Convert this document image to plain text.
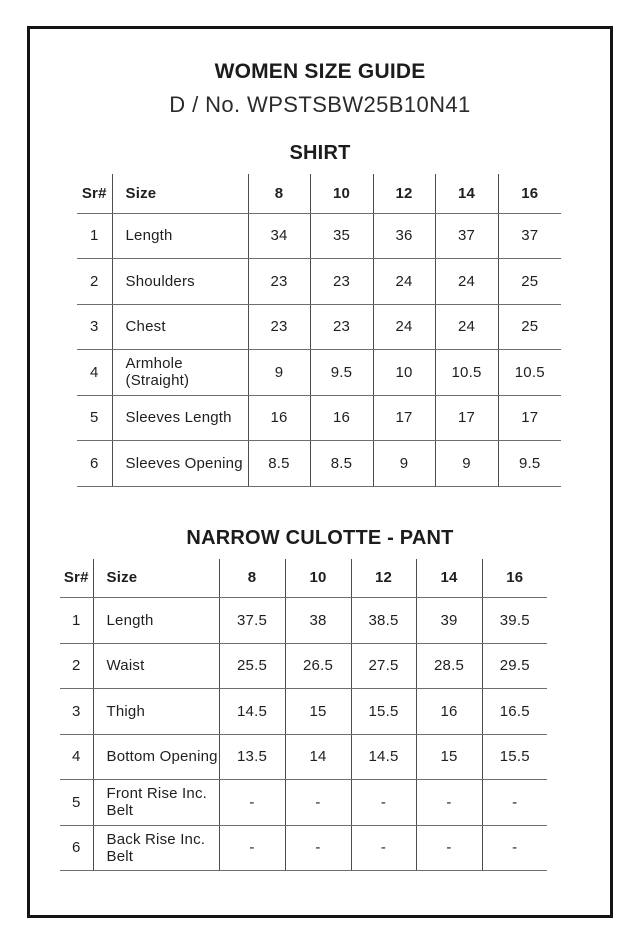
WOMEN SIZE GUIDE
D / No. WPSTSBW25B10N41
SHIRT
Sr#	Size	8	10	12	14	16
1	Length	34	35	36	37	37
2	Shoulders	23	23	24	24	25
3	Chest	23	23	24	24	25
4	Armhole (Straight)	9	9.5	10	10.5	10.5
5	Sleeves Length	16	16	17	17	17
6	Sleeves Opening	8.5	8.5	9	9	9.5
NARROW CULOTTE - PANT
Sr#	Size	8	10	12	14	16
1	Length	37.5	38	38.5	39	39.5
2	Waist	25.5	26.5	27.5	28.5	29.5
3	Thigh	14.5	15	15.5	16	16.5
4	Bottom Opening	13.5	14	14.5	15	15.5
5	Front Rise Inc. Belt	-	-	-	-	-
6	Back Rise Inc. Belt	-	-	-	-	-
